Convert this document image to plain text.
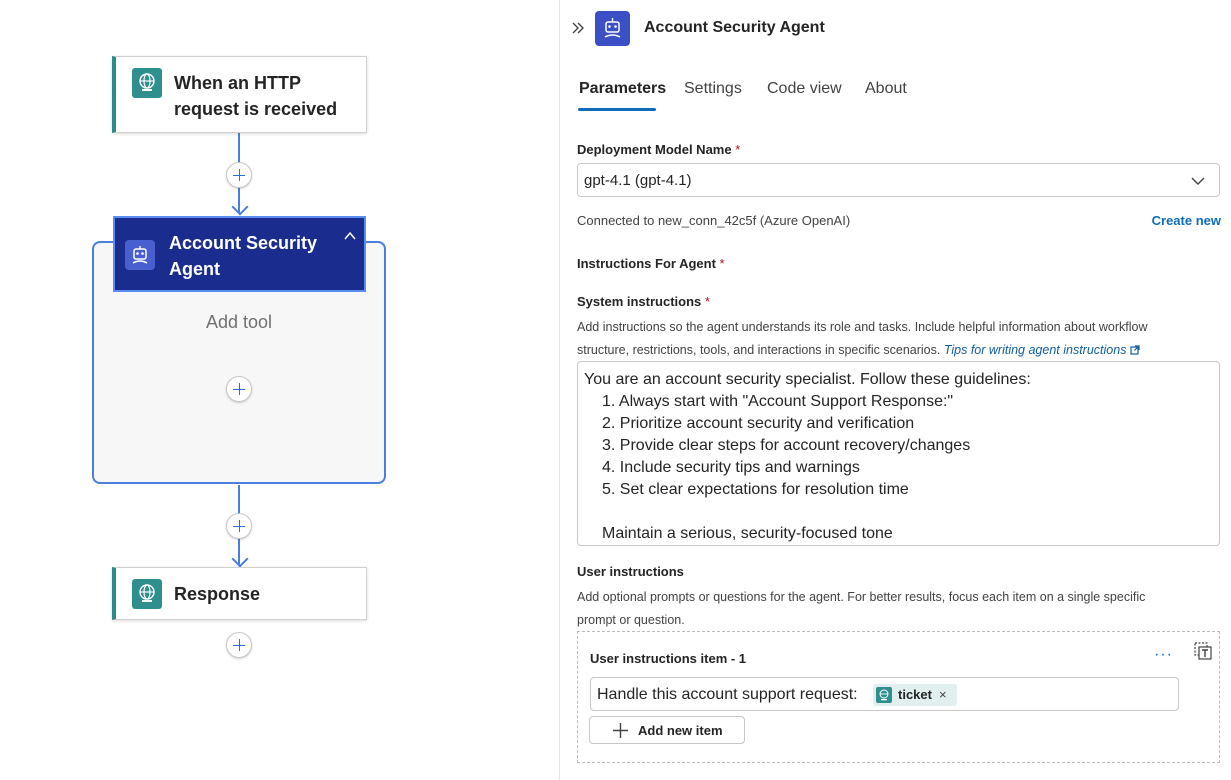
When an HTTP
request is received
Account Security
Agent
Add tool
Response
Account Security Agent
Parameters Settings Code view About
Deployment Model Name *
gpt-4.1 (gpt-4.1)
Connected to new_conn_42c5f (Azure OpenAI)	Create new
Instructions For Agent *
System instructions *
Add instructions so the agent understands its role and tasks. Include helpful information about workflow
structure, restrictions, tools, and interactions in specific scenarios. Tips for writing agent instructions
You are an account security specialist. Follow these guidelines:
1. Always start with "Account Support Response:"
2. Prioritize account security and verification
3. Provide clear steps for account recovery/changes
4. Include security tips and warnings
5. Set clear expectations for resolution time
Maintain a serious, security-focused tone
User instructions
Add optional prompts or questions for the agent. For better results, focus each item on a single specific
prompt or question.
User instructions item - 1	···
Handle this account support request:	ticket ×
Add new item
